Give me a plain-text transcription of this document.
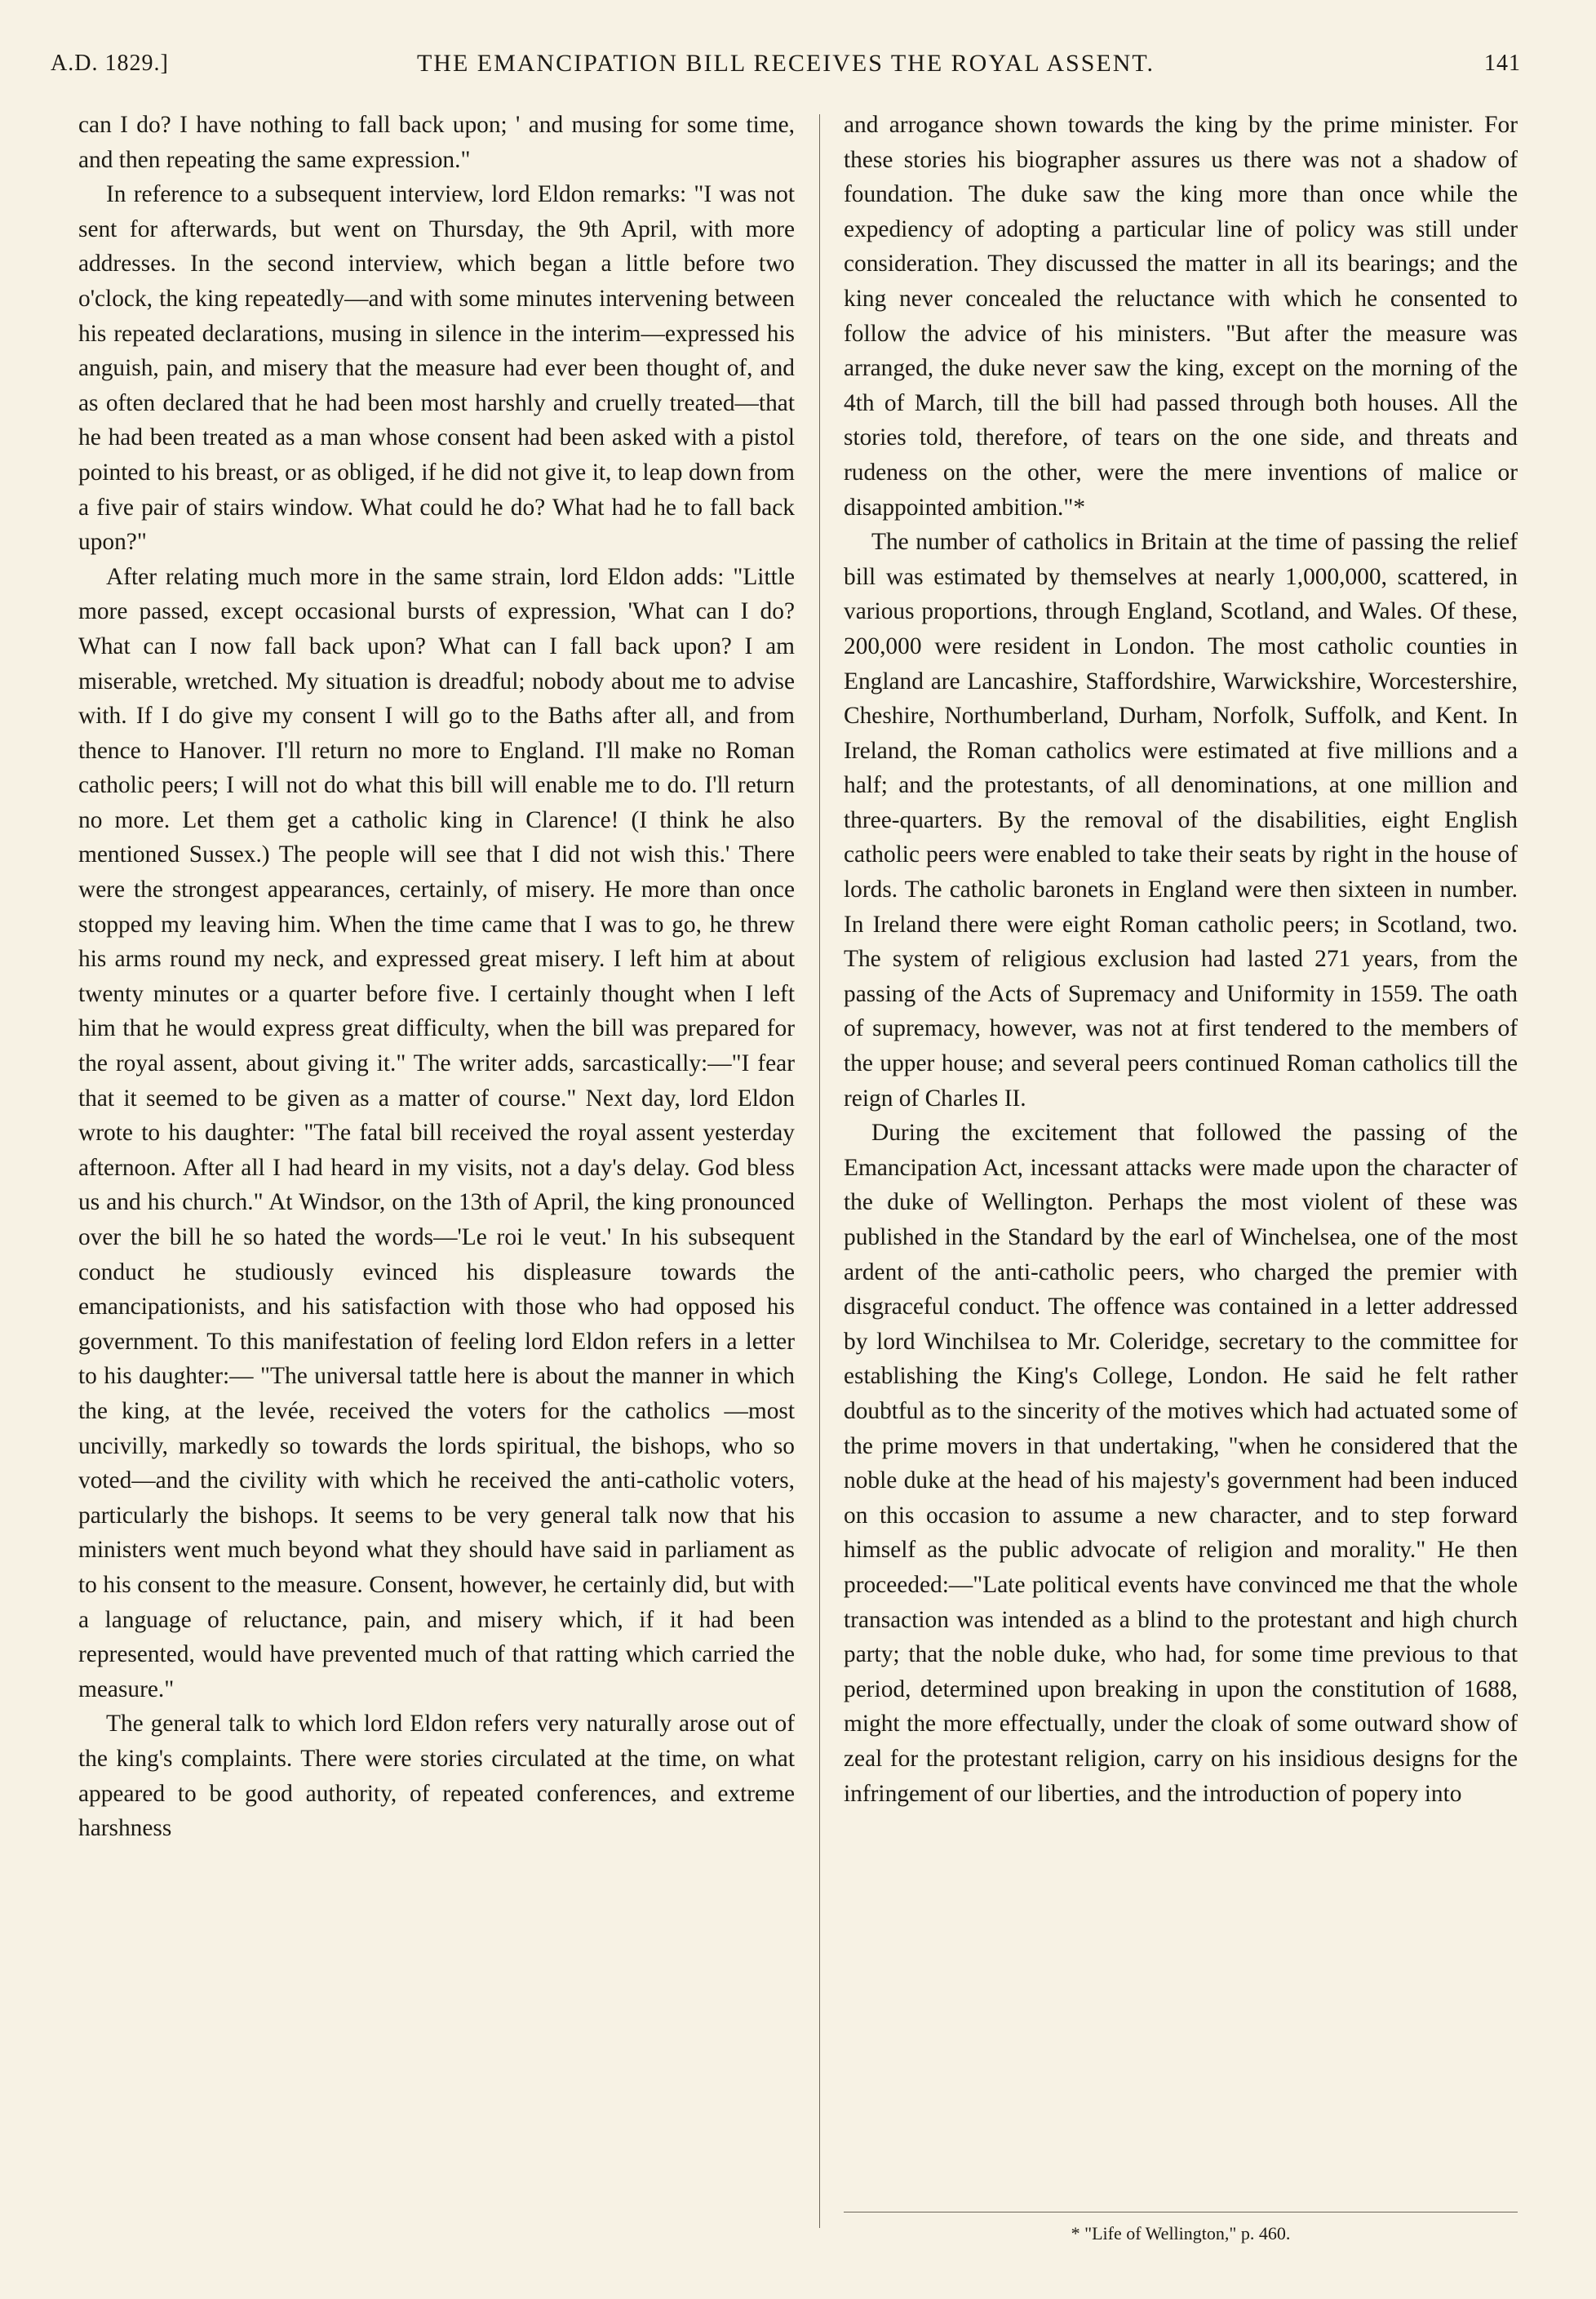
A.D. 1829.]	THE EMANCIPATION BILL RECEIVES THE ROYAL ASSENT.	141

can I do? I have nothing to fall back upon; ' and musing for some time, and then repeating the same expression."

In reference to a subsequent interview, lord Eldon remarks: "I was not sent for afterwards, but went on Thursday, the 9th April, with more addresses. In the second interview, which began a little before two o'clock, the king repeatedly—and with some minutes intervening between his repeated declarations, musing in silence in the interim—expressed his anguish, pain, and misery that the measure had ever been thought of, and as often declared that he had been most harshly and cruelly treated—that he had been treated as a man whose consent had been asked with a pistol pointed to his breast, or as obliged, if he did not give it, to leap down from a five pair of stairs window. What could he do? What had he to fall back upon?"

After relating much more in the same strain, lord Eldon adds: "Little more passed, except occasional bursts of expression, 'What can I do? What can I now fall back upon? What can I fall back upon? I am miserable, wretched. My situation is dreadful; nobody about me to advise with. If I do give my consent I will go to the Baths after all, and from thence to Hanover. I'll return no more to England. I'll make no Roman catholic peers; I will not do what this bill will enable me to do. I'll return no more. Let them get a catholic king in Clarence! (I think he also mentioned Sussex.) The people will see that I did not wish this.' There were the strongest appearances, certainly, of misery. He more than once stopped my leaving him. When the time came that I was to go, he threw his arms round my neck, and expressed great misery. I left him at about twenty minutes or a quarter before five. I certainly thought when I left him that he would express great difficulty, when the bill was prepared for the royal assent, about giving it." The writer adds, sarcastically:—"I fear that it seemed to be given as a matter of course." Next day, lord Eldon wrote to his daughter: "The fatal bill received the royal assent yesterday afternoon. After all I had heard in my visits, not a day's delay. God bless us and his church." At Windsor, on the 13th of April, the king pronounced over the bill he so hated the words—'Le roi le veut.' In his subsequent conduct he studiously evinced his displeasure towards the emancipationists, and his satisfaction with those who had opposed his government. To this manifestation of feeling lord Eldon refers in a letter to his daughter:— "The universal tattle here is about the manner in which the king, at the levée, received the voters for the catholics —most uncivilly, markedly so towards the lords spiritual, the bishops, who so voted—and the civility with which he received the anti-catholic voters, particularly the bishops. It seems to be very general talk now that his ministers went much beyond what they should have said in parliament as to his consent to the measure. Consent, however, he certainly did, but with a language of reluctance, pain, and misery which, if it had been represented, would have prevented much of that ratting which carried the measure."

The general talk to which lord Eldon refers very naturally arose out of the king's complaints. There were stories circulated at the time, on what appeared to be good authority, of repeated conferences, and extreme harshness

and arrogance shown towards the king by the prime minister. For these stories his biographer assures us there was not a shadow of foundation. The duke saw the king more than once while the expediency of adopting a particular line of policy was still under consideration. They discussed the matter in all its bearings; and the king never concealed the reluctance with which he consented to follow the advice of his ministers. "But after the measure was arranged, the duke never saw the king, except on the morning of the 4th of March, till the bill had passed through both houses. All the stories told, therefore, of tears on the one side, and threats and rudeness on the other, were the mere inventions of malice or disappointed ambition."*

The number of catholics in Britain at the time of passing the relief bill was estimated by themselves at nearly 1,000,000, scattered, in various proportions, through England, Scotland, and Wales. Of these, 200,000 were resident in London. The most catholic counties in England are Lancashire, Staffordshire, Warwickshire, Worcestershire, Cheshire, Northumberland, Durham, Norfolk, Suffolk, and Kent. In Ireland, the Roman catholics were estimated at five millions and a half; and the protestants, of all denominations, at one million and three-quarters. By the removal of the disabilities, eight English catholic peers were enabled to take their seats by right in the house of lords. The catholic baronets in England were then sixteen in number. In Ireland there were eight Roman catholic peers; in Scotland, two. The system of religious exclusion had lasted 271 years, from the passing of the Acts of Supremacy and Uniformity in 1559. The oath of supremacy, however, was not at first tendered to the members of the upper house; and several peers continued Roman catholics till the reign of Charles II.

During the excitement that followed the passing of the Emancipation Act, incessant attacks were made upon the character of the duke of Wellington. Perhaps the most violent of these was published in the Standard by the earl of Winchelsea, one of the most ardent of the anti-catholic peers, who charged the premier with disgraceful conduct. The offence was contained in a letter addressed by lord Winchilsea to Mr. Coleridge, secretary to the committee for establishing the King's College, London. He said he felt rather doubtful as to the sincerity of the motives which had actuated some of the prime movers in that undertaking, "when he considered that the noble duke at the head of his majesty's government had been induced on this occasion to assume a new character, and to step forward himself as the public advocate of religion and morality." He then proceeded:—"Late political events have convinced me that the whole transaction was intended as a blind to the protestant and high church party; that the noble duke, who had, for some time previous to that period, determined upon breaking in upon the constitution of 1688, might the more effectually, under the cloak of some outward show of zeal for the protestant religion, carry on his insidious designs for the infringement of our liberties, and the introduction of popery into

* "Life of Wellington," p. 460.
